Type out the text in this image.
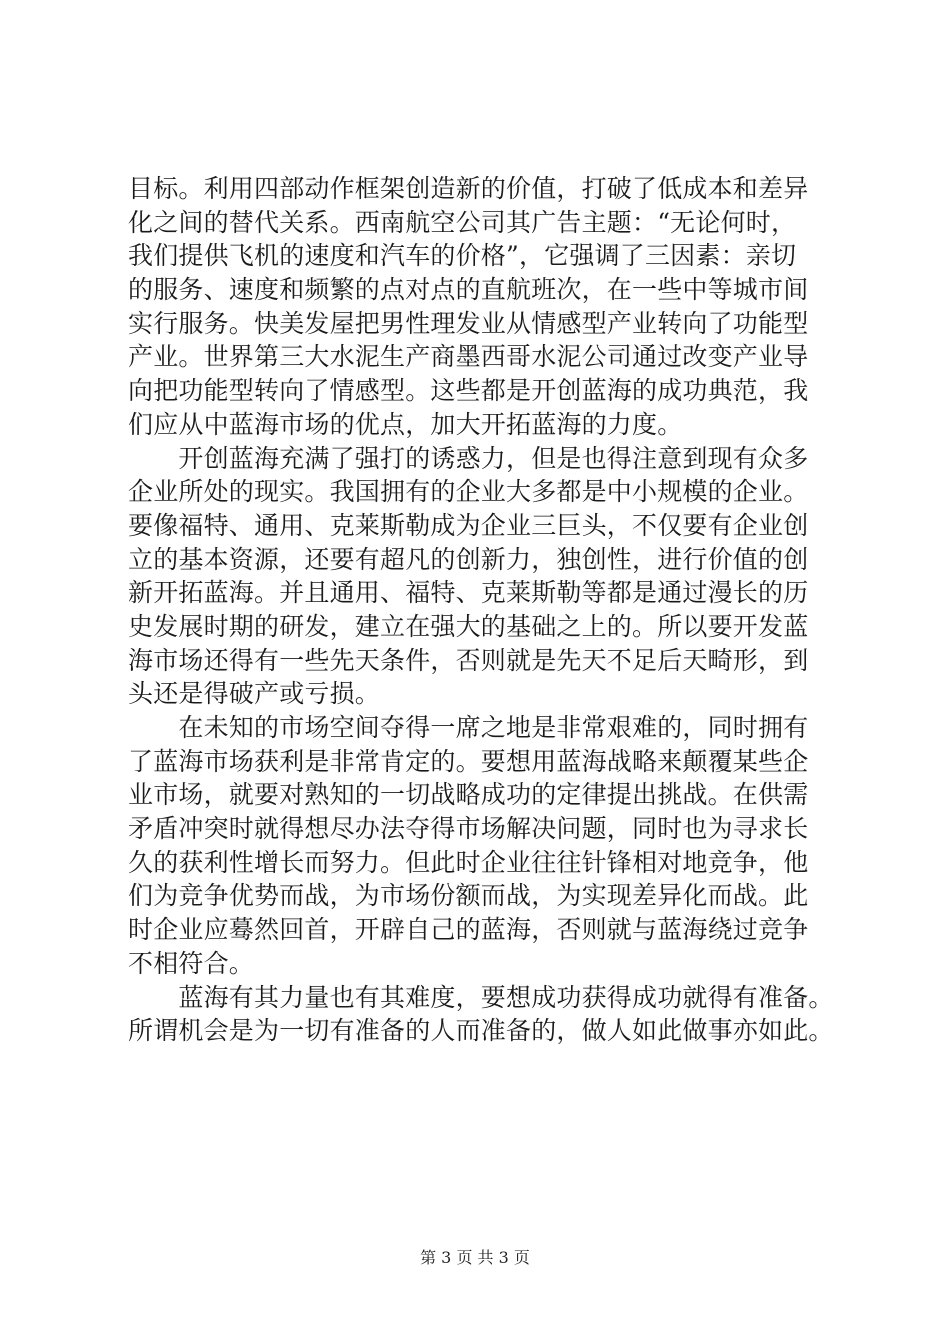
目标。利用四部动作框架创造新的价值，打破了低成本和差异
化之间的替代关系。西南航空公司其广告主题：“无论何时，
我们提供飞机的速度和汽车的价格”，它强调了三因素：亲切
的服务、速度和频繁的点对点的直航班次，在一些中等城市间
实行服务。快美发屋把男性理发业从情感型产业转向了功能型
产业。世界第三大水泥生产商墨西哥水泥公司通过改变产业导
向把功能型转向了情感型。这些都是开创蓝海的成功典范，我
们应从中蓝海市场的优点，加大开拓蓝海的力度。
　　开创蓝海充满了强打的诱惑力，但是也得注意到现有众多
企业所处的现实。我国拥有的企业大多都是中小规模的企业。
要像福特、通用、克莱斯勒成为企业三巨头，不仅要有企业创
立的基本资源，还要有超凡的创新力，独创性，进行价值的创
新开拓蓝海。并且通用、福特、克莱斯勒等都是通过漫长的历
史发展时期的研发，建立在强大的基础之上的。所以要开发蓝
海市场还得有一些先天条件，否则就是先天不足后天畸形，到
头还是得破产或亏损。
　　在未知的市场空间夺得一席之地是非常艰难的，同时拥有
了蓝海市场获利是非常肯定的。要想用蓝海战略来颠覆某些企
业市场，就要对熟知的一切战略成功的定律提出挑战。在供需
矛盾冲突时就得想尽办法夺得市场解决问题，同时也为寻求长
久的获利性增长而努力。但此时企业往往针锋相对地竞争，他
们为竞争优势而战，为市场份额而战，为实现差异化而战。此
时企业应蓦然回首，开辟自己的蓝海，否则就与蓝海绕过竞争
不相符合。
　　蓝海有其力量也有其难度，要想成功获得成功就得有准备。
所谓机会是为一切有准备的人而准备的，做人如此做事亦如此。
第 3 页 共 3 页
